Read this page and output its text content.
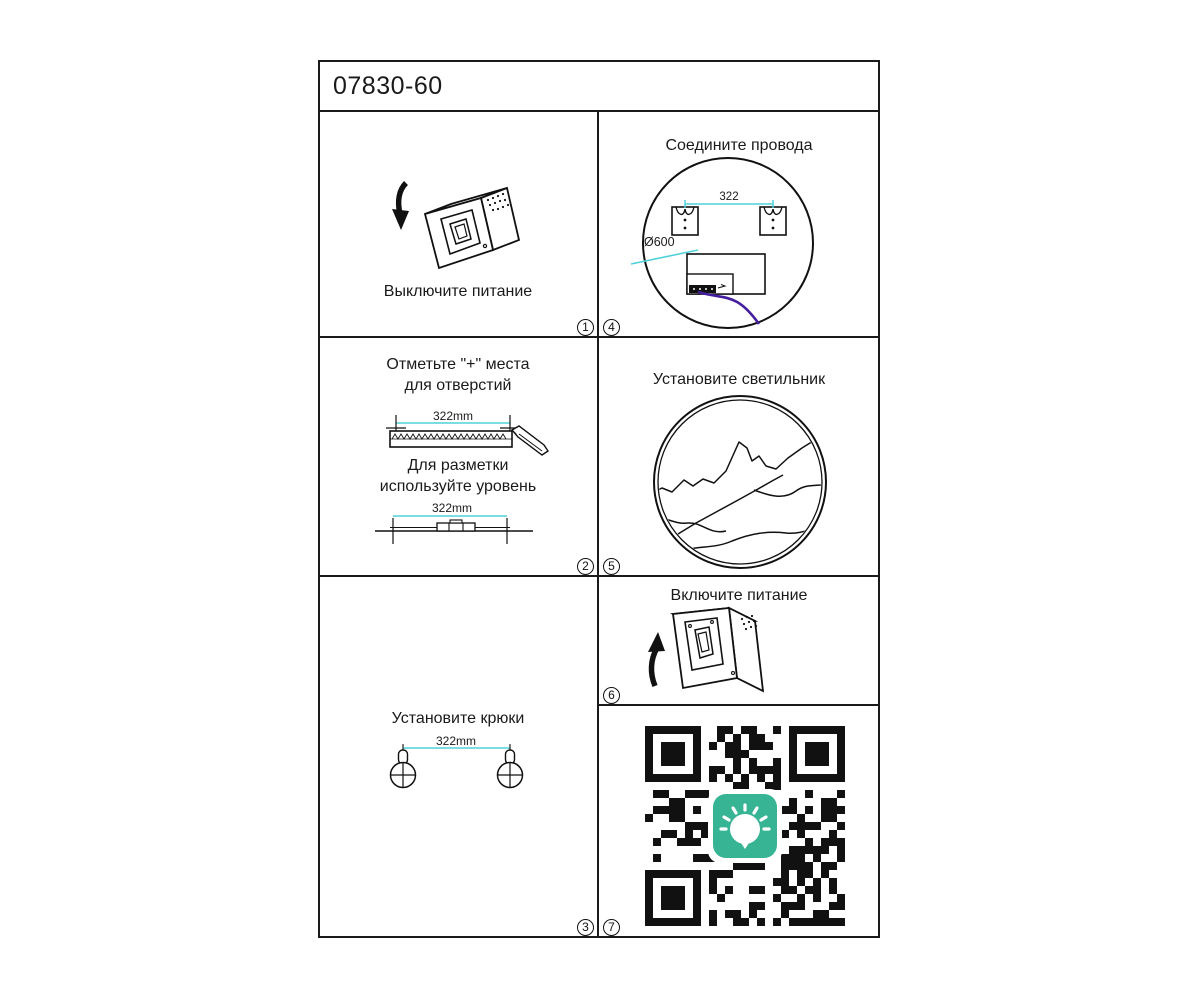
07830-60
Выключите питание
1
Отметьте "+" места
для отверстий
322mm
Для разметки
используйте уровень
322mm
2
Установите крюки
322mm
3
Соедините провода
322
Ø600
4
Установите светильник
5
Включите питание
6
7
